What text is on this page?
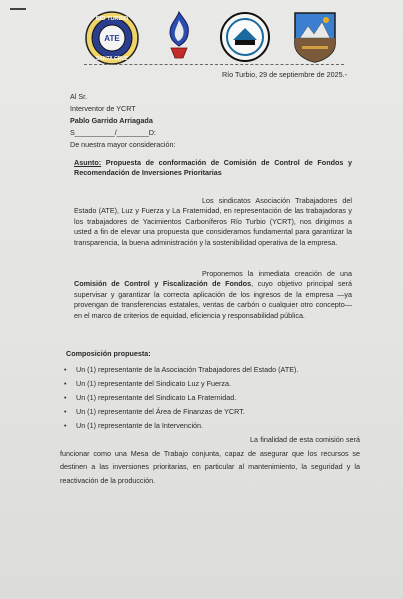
ATE
RIO TURBIO
SANTA CRUZ
Río Turbio, 29 de septiembre de 2025.-

Al Sr.

Interventor de YCRT

Pablo Garrido Arriagada

S__________/________D:

De nuestra mayor consideración:

Asunto: Propuesta de conformación de Comisión de Control de Fondos y Recomendación de Inversiones Prioritarias

Los sindicatos Asociación Trabajadores del Estado (ATE), Luz y Fuerza y La Fraternidad, en representación de las trabajadoras y los trabajadores de Yacimientos Carboníferos Río Turbio (YCRT), nos dirigimos a usted a fin de elevar una propuesta que consideramos fundamental para garantizar la transparencia, la buena administración y la sostenibilidad operativa de la empresa.

Proponemos la inmediata creación de una Comisión de Control y Fiscalización de Fondos, cuyo objetivo principal será supervisar y garantizar la correcta aplicación de los ingresos de la empresa —ya provengan de transferencias estatales, ventas de carbón o cualquier otro concepto— en el marco de criterios de equidad, eficiencia y responsabilidad pública.

Composición propuesta:

• Un (1) representante de la Asociación Trabajadores del Estado (ATE).
• Un (1) representante del Sindicato Luz y Fuerza.
• Un (1) representante del Sindicato La Fraternidad.
• Un (1) representante del Área de Finanzas de YCRT.
• Un (1) representante de la Intervención.

La finalidad de esta comisión será funcionar como una Mesa de Trabajo conjunta, capaz de asegurar que los recursos se destinen a las inversiones prioritarias, en particular al mantenimiento, la seguridad y la reactivación de la producción.
